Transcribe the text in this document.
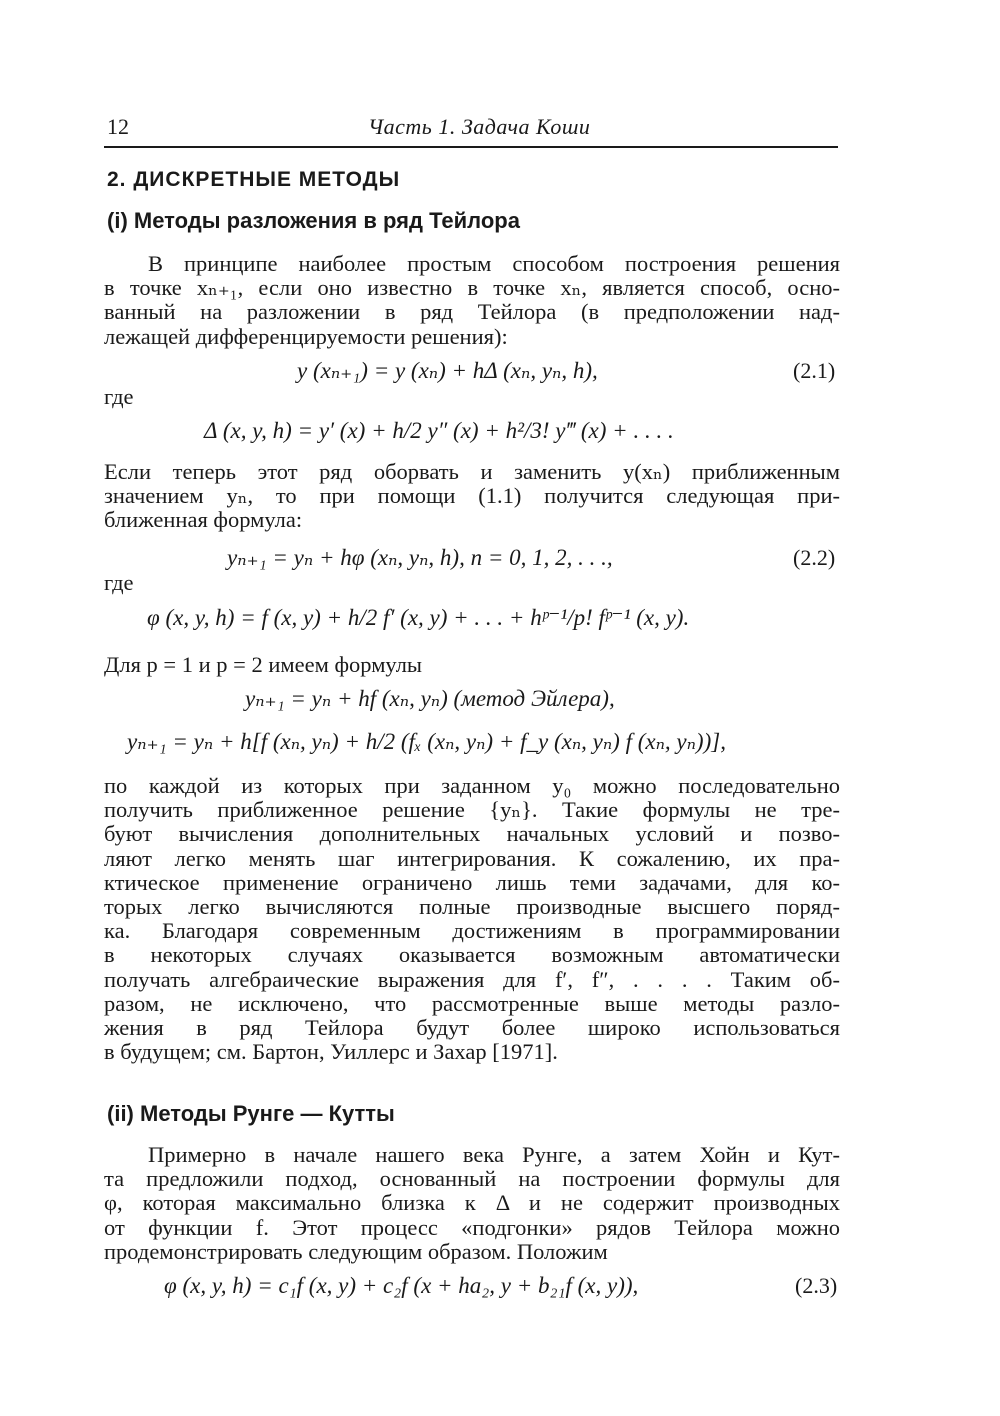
12	Часть 1. Задача Коши
2. ДИСКРЕТНЫЕ МЕТОДЫ
(i) Методы разложения в ряд Тейлора
В принципе наиболее простым способом построения решения
в точке xₙ₊₁, если оно известно в точке xₙ, является способ, осно-
ванный на разложении в ряд Тейлора (в предположении над-
лежащей дифференцируемости решения):
y (xₙ₊₁) = y (xₙ) + hΔ (xₙ, yₙ, h),	(2.1)
где
Δ (x, y, h) = y′ (x) + h/2 y″ (x) + h²/3! y‴ (x) + . . . .
Если теперь этот ряд оборвать и заменить y(xₙ) приближенным
значением yₙ, то при помощи (1.1) получится следующая при-
ближенная формула:
yₙ₊₁ = yₙ + hφ (xₙ, yₙ, h), n = 0, 1, 2, . . .,	(2.2)
где
φ (x, y, h) = f (x, y) + h/2 f′ (x, y) + . . . + hᵖ⁻¹/p! fᵖ⁻¹ (x, y).
Для p = 1 и p = 2 имеем формулы
yₙ₊₁ = yₙ + hf (xₙ, yₙ) (метод Эйлера),
yₙ₊₁ = yₙ + h[f (xₙ, yₙ) + h/2 (fₓ (xₙ, yₙ) + f_y (xₙ, yₙ) f (xₙ, yₙ))],
по каждой из которых при заданном y₀ можно последовательно
получить приближенное решение {yₙ}. Такие формулы не тре-
буют вычисления дополнительных начальных условий и позво-
ляют легко менять шаг интегрирования. К сожалению, их пра-
ктическое применение ограничено лишь теми задачами, для ко-
торых легко вычисляются полные производные высшего поряд-
ка. Благодаря современным достижениям в программировании
в некоторых случаях оказывается возможным автоматически
получать алгебраические выражения для f′, f″, . . . . Таким об-
разом, не исключено, что рассмотренные выше методы разло-
жения в ряд Тейлора будут более широко использоваться
в будущем; см. Бартон, Уиллерс и Захар [1971].
(ii) Методы Рунге — Кутты
Примерно в начале нашего века Рунге, а затем Хойн и Кут-
та предложили подход, основанный на построении формулы для
φ, которая максимально близка к Δ и не содержит производных
от функции f. Этот процесс «подгонки» рядов Тейлора можно
продемонстрировать следующим образом. Положим
φ (x, y, h) = c₁f (x, y) + c₂f (x + ha₂, y + b₂₁f (x, y)),	(2.3)
